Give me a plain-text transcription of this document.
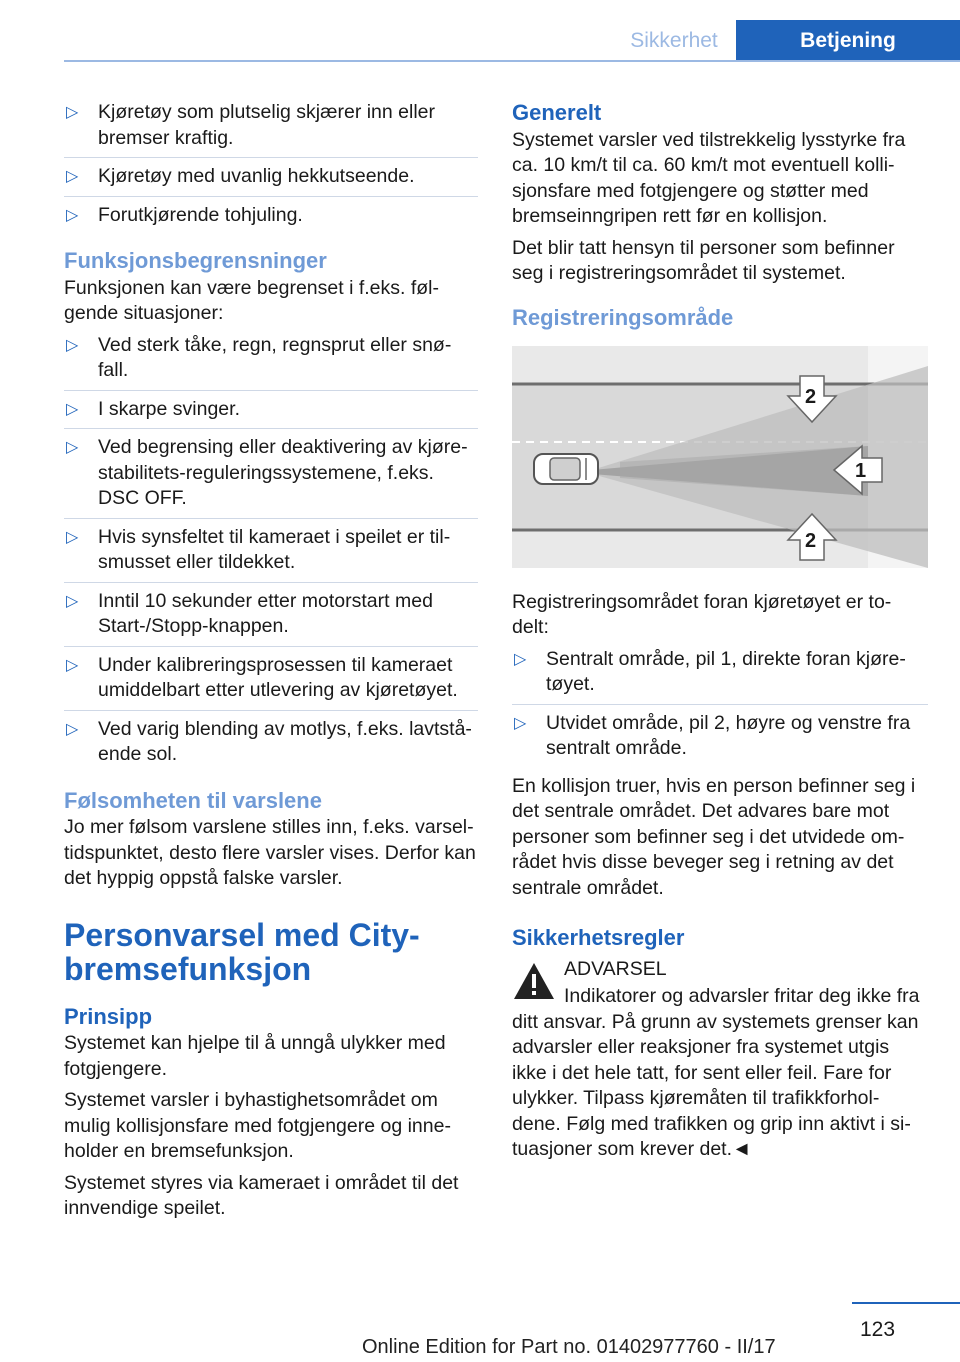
Sikkerhet	Betjening
▷ Kjøretøy som plutselig skjærer inn eller bremser kraftig.
▷ Kjøretøy med uvanlig hekkutseende.
▷ Forutkjørende tohjuling.
Funksjonsbegrensninger

Funksjonen kan være begrenset i f.eks. føl‐gende situasjoner:

▷ Ved sterk tåke, regn, regnsprut eller snø‐fall.
▷ I skarpe svinger.
▷ Ved begrensing eller deaktivering av kjøre‐stabilitets-reguleringssystemene, f.eks. DSC OFF.
▷ Hvis synsfeltet til kameraet i speilet er til‐smusset eller tildekket.
▷ Inntil 10 sekunder etter motorstart med Start-/Stopp-knappen.
▷ Under kalibreringsprosessen til kameraet umiddelbart etter utlevering av kjøretøyet.
▷ Ved varig blending av motlys, f.eks. lavtstå‐ende sol.
Følsomheten til varslene

Jo mer følsom varslene stilles inn, f.eks. varsel‐tidspunktet, desto flere varsler vises. Derfor kan det hyppig oppstå falske varsler.

Personvarsel med City-bremsefunksjon
Prinsipp

Systemet kan hjelpe til å unngå ulykker med fotgjengere.

Systemet varsler i byhastighetsområdet om mulig kollisjonsfare med fotgjengere og inne‐holder en bremsefunksjon.

Systemet styres via kameraet i området til det innvendige speilet.

Generelt

Systemet varsler ved tilstrekkelig lysstyrke fra ca. 10 km/t til ca. 60 km/t mot eventuell kolli‐sjonsfare med fotgjengere og støtter med bremseinngripen rett før en kollisjon.

Det blir tatt hensyn til personer som befinner seg i registreringsområdet til systemet.

Registreringsområde
1
2
2

Registreringsområdet foran kjøretøyet er to‐delt:

▷ Sentralt område, pil 1, direkte foran kjøre‐tøyet.
▷ Utvidet område, pil 2, høyre og venstre fra sentralt område.

En kollisjon truer, hvis en person befinner seg i det sentrale området. Det advares bare mot personer som befinner seg i det utvidede om‐rådet hvis disse beveger seg i retning av det sentrale området.

Sikkerhetsregler
ADVARSEL

Indikatorer og advarsler fritar deg ikke fra ditt ansvar. På grunn av systemets grenser kan advarsler eller reaksjoner fra systemet utgis ikke i det hele tatt, for sent eller feil. Fare for ulykker. Tilpass kjøremåten til trafikkforhol‐dene. Følg med trafikken og grip inn aktivt i si‐tuasjoner som krever det.◄

123
Online Edition for Part no. 01402977760 - II/17
